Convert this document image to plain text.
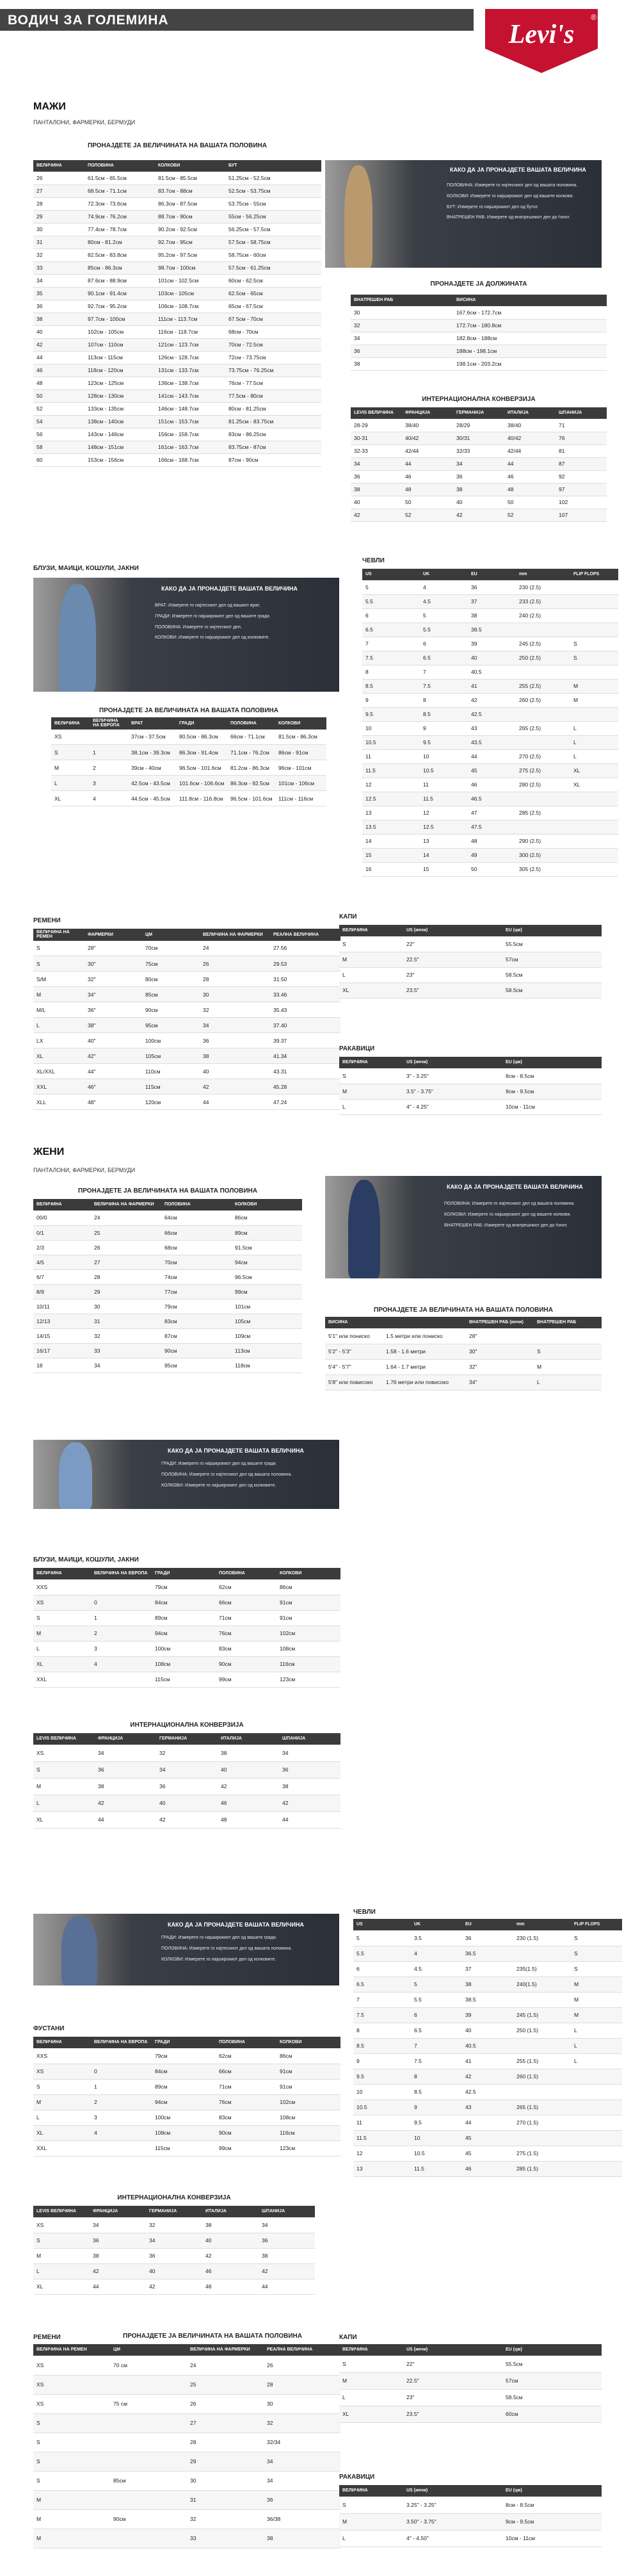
ВОДИЧ ЗА ГОЛЕМИНА	Levi's
®
МАЖИ
ПАНТАЛОНИ, ФАРМЕРКИ, БЕРМУДИ
ПРОНАЈДЕТЕ ЈА ВЕЛИЧИНАТА НА ВАШАТА ПОЛОВИНА
ВЕЛИЧИНА	ПОЛОВИНА	КОЛКОВИ	БУТ
26	61.5см - 65.5см	81.5см - 85.5см	51.25см - 52.5см
27	68.5см - 71.1см	83.7см - 88см	52.5см - 53.75см
28	72.3см - 73.6см	86.3см - 87.5см	53.75см - 55см
29	74.9см - 76.2см	88.7см - 90см	55см - 56.25см
30	77.4см - 78.7см	90.2см - 92.5см	56.25см - 57.5см
31	80см - 81.2см	92.7см - 95см	57.5см - 58.75см
32	82.5см - 83.8см	95.2см - 97.5см	58.75см - 60см
33	85см - 86.3см	98.7см - 100см	57.5см - 61.25см
34	87.6см - 88.9см	101см - 102.5см	60см - 62.5см
35	90.1см - 91.4см	103см - 105см	62.5см - 65см
36	92.7см - 95.2см	106см - 108.7см	65см - 67.5см
38	97.7см - 100см	111см - 113.7см	67.5см - 70см
40	102см - 105см	116см - 118.7см	68см - 70см
42	107см - 110см	121см - 123.7см	70см - 72.5см
44	113см - 115см	126см - 128.7см	72см - 73.75см
46	118см - 120см	131см - 133.7см	73.75см - 76.25см
48	123см - 125см	136см - 138.7см	76см - 77.5см
50	128см - 130см	141см - 143.7см	77.5см - 80см
52	133см - 135см	146см - 148.7см	80см - 81.25см
54	138см - 140см	151см - 153.7см	81.25см - 83.75см
56	143см - 146см	156см - 158.7см	83см - 86.25см
58	148см - 151см	161см - 163.7см	83.75см - 87см
60	153см - 156см	166см - 168.7см	87см - 90см
КАКО ДА ЈА ПРОНАЈДЕТЕ ВАШАТА ВЕЛИЧИНА
ПОЛОВИНА: Измерете го најтесниот дел од вашата половина.
КОЛКОВИ: Измерете го најширокиот дел од вашите колкови.
БУТ: Измерете го најширокиот дел од бутот.
ВНАТРЕШЕН РАБ: Измерете од внатрешниот дел до ѓонот.
ПРОНАЈДЕТЕ ЈА ДОЛЖИНАТА
ВНАТРЕШЕН РАБ	ВИСИНА
30	167.6см - 172.7см
32	172.7см - 180.8см
34	182.8см - 188см
36	188см - 198.1см
38	198.1см - 203.2см
ИНТЕРНАЦИОНАЛНА КОНВЕРЗИЈА
LEVIS ВЕЛИЧИНА	ФРАНЦИЈА	ГЕРМАНИЈА	ИТАЛИЈА	ШПАНИЈА
28-29	38/40	28/29	38/40	71
30-31	40/42	30/31	40/42	76
32-33	42/44	32/33	42/44	81
34	44	34	44	87
36	46	36	46	92
38	48	38	48	97
40	50	40	50	102
42	52	42	52	107
БЛУЗИ, МАИЦИ, КОШУЛИ, ЈАКНИ
КАКО ДА ЈА ПРОНАЈДЕТЕ ВАШАТА ВЕЛИЧИНА
ВРАТ: Измерете го најтесниот дел од вашиот врат.
ГРАДИ: Измерете го најширокиот дел од вашите гради.
ПОЛОВИНА: Измерете го најтесниот дел.
КОЛКОВИ: Измерете го најширокиот дел од колковите.
ПРОНАЈДЕТЕ ЈА ВЕЛИЧИНАТА НА ВАШАТА ПОЛОВИНА
ВЕЛИЧИНА	ВЕЛИЧИНА НА ЕВРОПА	ВРАТ	ГРАДИ	ПОЛОВИНА	КОЛКОВИ
XS		37см - 37.5см	80.5см - 86.3см	66см - 71.1см	81.5см - 86.3см
S	1	38.1см - 39.3см	86.3см - 91.4см	71.1см - 76.2см	86см - 91см
M	2	39см - 40см	96.5см - 101.6см	81.2см - 86.3см	96см - 101см
L	3	42.5см - 43.5см	101.6см - 106.6см	86.3см - 92.5см	101см - 106см
XL	4	44.5см - 45.5см	111.8см - 116.8см	96.5см - 101.6см	111см - 116см
ЧЕВЛИ
US	UK	EU	mm	FLIP FLOPS
5	4	36	230 (2.5)	
5.5	4.5	37	233 (2.5)	
6	5	38	240 (2.5)	
6.5	5.5	38.5		
7	6	39	245 (2.5)	S
7.5	6.5	40	250 (2.5)	S
8	7	40.5		
8.5	7.5	41	255 (2.5)	M
9	8	42	260 (2.5)	M
9.5	8.5	42.5		
10	9	43	265 (2.5)	L
10.5	9.5	43.5		L
11	10	44	270 (2.5)	L
11.5	10.5	45	275 (2.5)	XL
12	11	46	280 (2.5)	XL
12.5	11.5	46.5		
13	12	47	285 (2.5)	
13.5	12.5	47.5		
14	13	48	290 (2.5)	
15	14	49	300 (2.5)	
16	15	50	305 (2.5)	
РЕМЕНИ
ВЕЛИЧИНА НА РЕМЕН	ФАРМЕРКИ	ЦМ	ВЕЛИЧИНА НА ФАРМЕРКИ	РЕАЛНА ВЕЛИЧИНА
S	28"	70см	24	27.56
S	30"	75см	26	29.53
S/M	32"	80см	28	31.50
M	34"	85см	30	33.46
M/L	36"	90см	32	35.43
L	38"	95см	34	37.40
LX	40"	100см	36	39.37
XL	42"	105см	38	41.34
XL/XXL	44"	110см	40	43.31
XXL	46"	115см	42	45.28
XLL	48"	120см	44	47.24
КАПИ
ВЕЛИЧИНА	US (инчи)	EU (цм)
S	22"	55.5см
M	22.5"	57см
L	23"	58.5см
XL	23.5"	58.5см
РАКАВИЦИ
ВЕЛИЧИНА	US (инчи)	EU (цм)
S	3" - 3.25"	8см - 8.5см
M	3.5" - 3.75"	9см - 9.5см
L	4" - 4.25"	10см - 11см
ЖЕНИ
ПАНТАЛОНИ, ФАРМЕРКИ, БЕРМУДИ
ПРОНАЈДЕТЕ ЈА ВЕЛИЧИНАТА НА ВАШАТА ПОЛОВИНА
ВЕЛИЧИНА	ВЕЛИЧИНА НА ФАРМЕРКИ	ПОЛОВИНА	КОЛКОВИ
00/0	24	64см	86см
0/1	25	66см	89см
2/3	26	68см	91.5см
4/5	27	70см	94см
6/7	28	74см	96.5см
8/9	29	77см	99см
10/11	30	79см	101см
12/13	31	83см	105см
14/15	32	87см	109см
16/17	33	90см	113см
18	34	95см	118см
КАКО ДА ЈА ПРОНАЈДЕТЕ ВАШАТА ВЕЛИЧИНА
ПОЛОВИНА: Измерете го најтесниот дел од вашата половина.
КОЛКОВИ: Измерете го најширокиот дел од вашите колкови.
ВНАТРЕШЕН РАБ: Измерете од внатрешниот дел до ѓонот.
ПРОНАЈДЕТЕ ЈА ВЕЛИЧИНАТА НА ВАШАТА ПОЛОВИНА
ВИСИНА		ВНАТРЕШЕН РАБ (инчи)	ВНАТРЕШЕН РАБ
5'1" или пониско	1.5 метри или пониско	28"	
5'2" - 5'3"	1.58 - 1.6 метри	30"	S
5'4" - 5'7"	1.64 - 1.7 метри	32"	M
5'8" или повисоко	1.76 метри или повисоко	34"	L
КАКО ДА ЈА ПРОНАЈДЕТЕ ВАШАТА ВЕЛИЧИНА
ГРАДИ: Измерете го најширокиот дел од вашите гради.
ПОЛОВИНА: Измерете го најтесниот дел од вашата половина.
КОЛКОВИ: Измерете го најширокиот дел од колковите.
БЛУЗИ, МАИЦИ, КОШУЛИ, ЈАКНИ
ВЕЛИЧИНА	ВЕЛИЧИНА НА ЕВРОПА	ГРАДИ	ПОЛОВИНА	КОЛКОВИ
XXS		79см	62см	86см
XS	0	84см	66см	91см
S	1	89см	71см	91см
M	2	94см	76см	102см
L	3	100см	83см	108см
XL	4	108см	90см	116см
XXL		115см	99см	123см
ИНТЕРНАЦИОНАЛНА КОНВЕРЗИЈА
LEVIS ВЕЛИЧИНА	ФРАНЦИЈА	ГЕРМАНИЈА	ИТАЛИЈА	ШПАНИЈА
XS	34	32	38	34
S	36	34	40	36
M	38	36	42	38
L	42	40	46	42
XL	44	42	48	44
КАКО ДА ЈА ПРОНАЈДЕТЕ ВАШАТА ВЕЛИЧИНА
ГРАДИ: Измерете го најширокиот дел од вашите гради.
ПОЛОВИНА: Измерете го најтесниот дел од вашата половина.
КОЛКОВИ: Измерете го најширокиот дел од колковите.
ФУСТАНИ
ВЕЛИЧИНА	ВЕЛИЧИНА НА ЕВРОПА	ГРАДИ	ПОЛОВИНА	КОЛКОВИ
XXS		79см	62см	86см
XS	0	84см	66см	91см
S	1	89см	71см	91см
M	2	94см	76см	102см
L	3	100см	83см	108см
XL	4	108см	90см	116см
XXL		115см	99см	123см
ИНТЕРНАЦИОНАЛНА КОНВЕРЗИЈА
LEVIS ВЕЛИЧИНА	ФРАНЦИЈА	ГЕРМАНИЈА	ИТАЛИЈА	ШПАНИЈА
XS	34	32	38	34
S	36	34	40	36
M	38	36	42	38
L	42	40	46	42
XL	44	42	48	44
ЧЕВЛИ
US	UK	EU	mm	FLIP FLOPS
5	3.5	36	230 (1.5)	S
5.5	4	36.5		S
6	4.5	37	235(1.5)	S
6.5	5	38	240(1.5)	M
7	5.5	38.5		M
7.5	6	39	245 (1.5)	M
8	6.5	40	250 (1.5)	L
8.5	7	40.5		L
9	7.5	41	255 (1.5)	L
9.5	8	42	260 (1.5)	
10	8.5	42.5		
10.5	9	43	265 (1.5)	
11	9.5	44	270 (1.5)	
11.5	10	45		
12	10.5	45	275 (1.5)	
13	11.5	46	285 (1.5)	
РЕМЕНИ	ПРОНАЈДЕТЕ ЈА ВЕЛИЧИНАТА НА ВАШАТА ПОЛОВИНА
ВЕЛИЧИНА НА РЕМЕН	ЦМ	ВЕЛИЧИНА НА ФАРМЕРКИ	РЕАЛНА ВЕЛИЧИНА
XS	70 см	24	26
XS		25	28
XS	75 см	26	30
S		27	32
S		28	32/34
S		29	34
S	85см	30	34
M		31	36
M	90см	32	36/38
M		33	38
КАПИ
ВЕЛИЧИНА	US (инчи)	EU (цм)
S	22"	55.5см
M	22.5"	57см
L	23"	58.5см
XL	23.5"	60см
РАКАВИЦИ
ВЕЛИЧИНА	US (инчи)	EU (цм)
S	3.25" - 3.25"	8см - 8.5см
M	3.50" - 3.75"	9см - 9.5см
L	4" - 4.50"	10см - 11см
